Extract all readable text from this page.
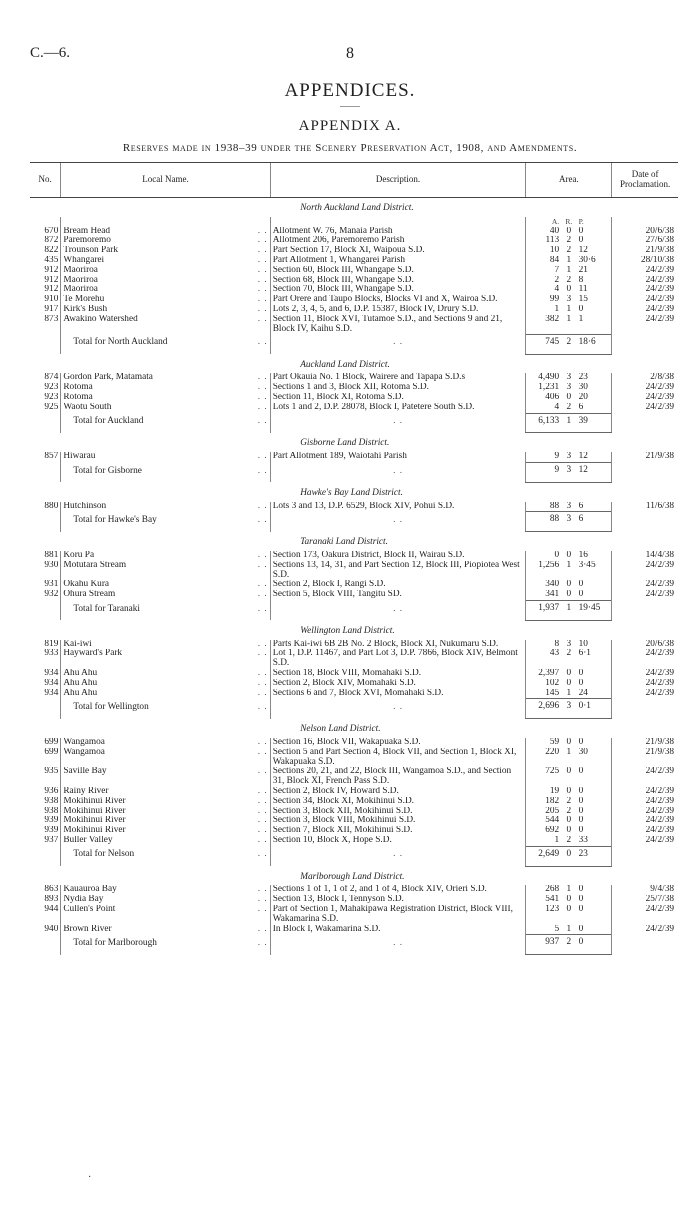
C.—6.	8
APPENDICES.
APPENDIX A.
Reserves made in 1938–39 under the Scenery Preservation Act, 1908, and Amendments.
No.	Local Name.	Description.	Area.			Date of Proclamation.
		North Auckland Land District.				
			A.	R.	P.	
670	Bream Head . .	Allotment W. 76, Manaia Parish	40	0	0	20/6/38
872	Paremoremo . .	Allotment 206, Paremoremo Parish	113	2	0	27/6/38
822	Trounson Park . .	Part Section 17, Block XI, Waipoua S.D.	10	2	12	21/9/38
435	Whangarei . .	Part Allotment 1, Whangarei Parish	84	1	30·6	28/10/38
912	Maoriroa . .	Section 60, Block III, Whangape S.D.	7	1	21	24/2/39
912	Maoriroa . .	Section 68, Block III, Whangape S.D.	2	2	8	24/2/39
912	Maoriroa . .	Section 70, Block III, Whangape S.D.	4	0	11	24/2/39
910	Te Morehu . .	Part Orere and Taupo Blocks, Blocks VI and X, Wairoa S.D.	99	3	15	24/2/39
917	Kirk's Bush . .	Lots 2, 3, 4, 5, and 6, D.P. 15387, Block IV, Drury S.D.	1	1	0	24/2/39
873	Awakino Watershed . .	Section 11, Block XVI, Tutamoe S.D., and Sections 9 and 21, Block IV, Kaihu S.D.	382	1	1	24/2/39

	Total for North Auckland . .	. .	745	2	18·6	
		Auckland Land District.				
874	Gordon Park, Matamata . .	Part Okauia No. 1 Block, Wairere and Tapapa S.D.s	4,490	3	23	2/8/38
923	Rotoma . .	Sections 1 and 3, Block XII, Rotoma S.D.	1,231	3	30	24/2/39
923	Rotoma . .	Section 11, Block XI, Rotoma S.D.	406	0	20	24/2/39
925	Waotu South . .	Lots 1 and 2, D.P. 28078, Block I, Patetere South S.D.	4	2	6	24/2/39

	Total for Auckland . .	. .	6,133	1	39	
		Gisborne Land District.				
857	Hiwarau . .	Part Allotment 189, Waiotahi Parish	9	3	12	21/9/38

	Total for Gisborne . .	. .	9	3	12	
		Hawke's Bay Land District.				
880	Hutchinson . .	Lots 3 and 13, D.P. 6529, Block XIV, Pohui S.D.	88	3	6	11/6/38

	Total for Hawke's Bay . .	. .	88	3	6	
		Taranaki Land District.				
881	Koru Pa . .	Section 173, Oakura District, Block II, Wairau S.D.	0	0	16	14/4/38
930	Motutara Stream . .	Sections 13, 14, 31, and Part Section 12, Block III, Piopiotea West S.D.	1,256	1	3·45	24/2/39
931	Okahu Kura . .	Section 2, Block I, Rangi S.D.	340	0	0	24/2/39
932	Ohura Stream . .	Section 5, Block VIII, Tangitu SD.	341	0	0	24/2/39

	Total for Taranaki . .	. .	1,937	1	19·45	
		Wellington Land District.				
819	Kai-iwi . .	Parts Kai-iwi 6B 2B No. 2 Block, Block XI, Nukumaru S.D.	8	3	10	20/6/38
933	Hayward's Park . .	Lot 1, D.P. 11467, and Part Lot 3, D.P. 7866, Block XIV, Belmont S.D.	43	2	6·1	24/2/39
934	Ahu Ahu . .	Section 18, Block VIII, Momahaki S.D.	2,397	0	0	24/2/39
934	Ahu Ahu . .	Section 2, Block XIV, Momahaki S.D.	102	0	0	24/2/39
934	Ahu Ahu . .	Sections 6 and 7, Block XVI, Momahaki S.D.	145	1	24	24/2/39

	Total for Wellington . .	. .	2,696	3	0·1	
		Nelson Land District.				
699	Wangamoa . .	Section 16, Block VII, Wakapuaka S.D.	59	0	0	21/9/38
699	Wangamoa . .	Section 5 and Part Section 4, Block VII, and Section 1, Block XI, Wakapuaka S.D.	220	1	30	21/9/38
935	Saville Bay . .	Sections 20, 21, and 22, Block III, Wangamoa S.D., and Section 31, Block XI, French Pass S.D.	725	0	0	24/2/39
936	Rainy River . .	Section 2, Block IV, Howard S.D.	19	0	0	24/2/39
938	Mokihinui River . .	Section 34, Block XI, Mokihinui S.D.	182	2	0	24/2/39
938	Mokihinui River . .	Section 3, Block XII, Mokihinui S.D.	205	2	0	24/2/39
939	Mokihinui River . .	Section 3, Block VIII, Mokihinui S.D.	544	0	0	24/2/39
939	Mokihinui River . .	Section 7, Block XII, Mokihinui S.D.	692	0	0	24/2/39
937	Buller Valley . .	Section 10, Block X, Hope S.D.	1	2	33	24/2/39

	Total for Nelson . .	. .	2,649	0	23	
		Marlborough Land District.				
863	Kauauroa Bay . .	Sections 1 of 1, 1 of 2, and 1 of 4, Block XIV, Orieri S.D.	268	1	0	9/4/38
893	Nydia Bay . .	Section 13, Block I, Tennyson S.D.	541	0	0	25/7/38
944	Cullen's Point . .	Part of Section 1, Mahakipawa Registration District, Block VIII, Wakamarina S.D.	123	0	0	24/2/39
940	Brown River . .	In Block I, Wakamarina S.D.	5	1	0	24/2/39

	Total for Marlborough . .	. .	937	2	0	
·
